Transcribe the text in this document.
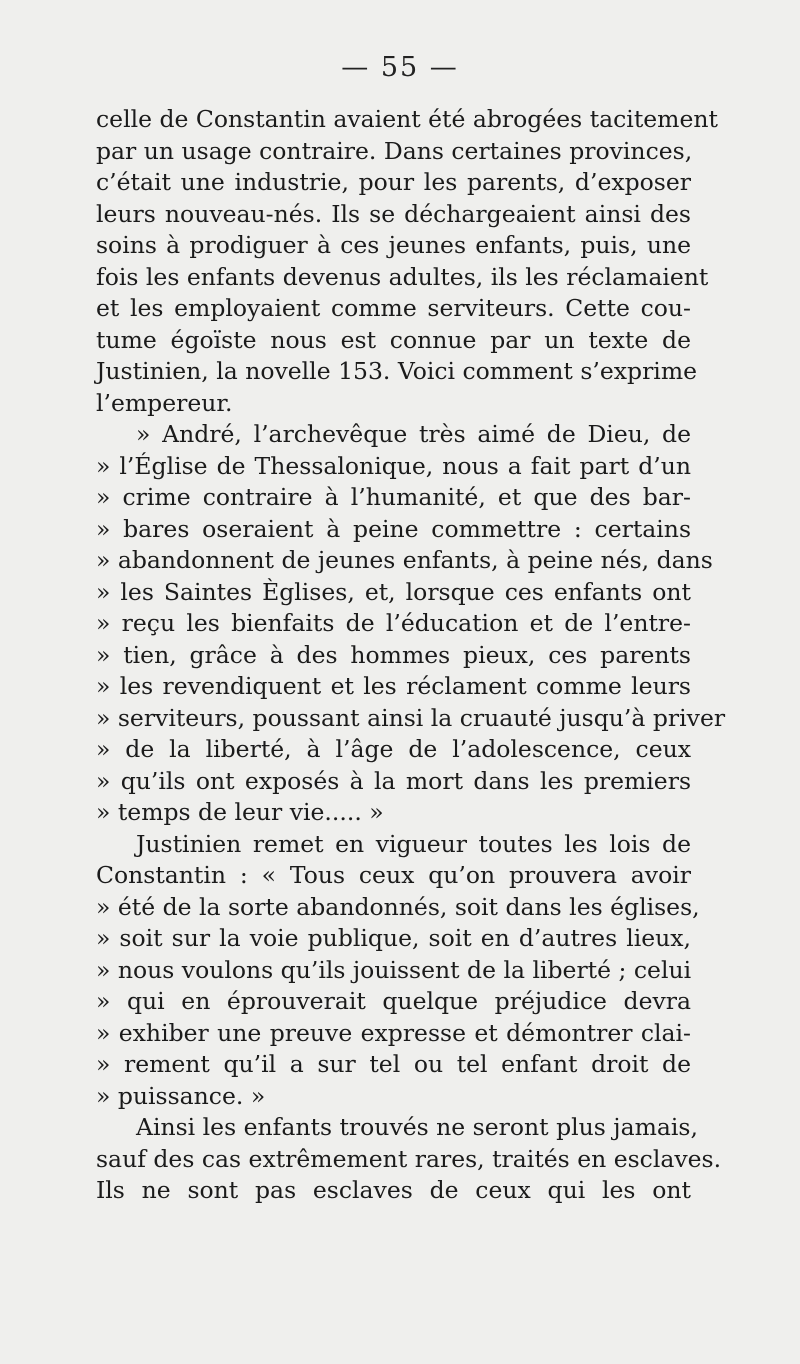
— 55 —
celle de Constantin avaient été abrogées tacitement
par un usage contraire. Dans certaines provinces,
c’était une industrie, pour les parents, d’exposer
leurs nouveau-nés. Ils se déchargeaient ainsi des
soins à prodiguer à ces jeunes enfants, puis, une
fois les enfants devenus adultes, ils les réclamaient
et les employaient comme serviteurs. Cette cou-
tume égoïste nous est connue par un texte de
Justinien, la novelle 153. Voici comment s’exprime
l’empereur.
» André, l’archevêque très aimé de Dieu, de
» l’Église de Thessalonique, nous a fait part d’un
» crime contraire à l’humanité, et que des bar-
» bares oseraient à peine commettre : certains
» abandonnent de jeunes enfants, à peine nés, dans
» les Saintes Èglises, et, lorsque ces enfants ont
» reçu les bienfaits de l’éducation et de l’entre-
» tien, grâce à des hommes pieux, ces parents
» les revendiquent et les réclament comme leurs
» serviteurs, poussant ainsi la cruauté jusqu’à priver
» de la liberté, à l’âge de l’adolescence, ceux
» qu’ils ont exposés à la mort dans les premiers
» temps de leur vie..... »
Justinien remet en vigueur toutes les lois de
Constantin : « Tous ceux qu’on prouvera avoir
» été de la sorte abandonnés, soit dans les églises,
» soit sur la voie publique, soit en d’autres lieux,
» nous voulons qu’ils jouissent de la liberté ; celui
» qui en éprouverait quelque préjudice devra
» exhiber une preuve expresse et démontrer clai-
» rement qu’il a sur tel ou tel enfant droit de
» puissance. »
Ainsi les enfants trouvés ne seront plus jamais,
sauf des cas extrêmement rares, traités en esclaves.
Ils ne sont pas esclaves de ceux qui les ont
